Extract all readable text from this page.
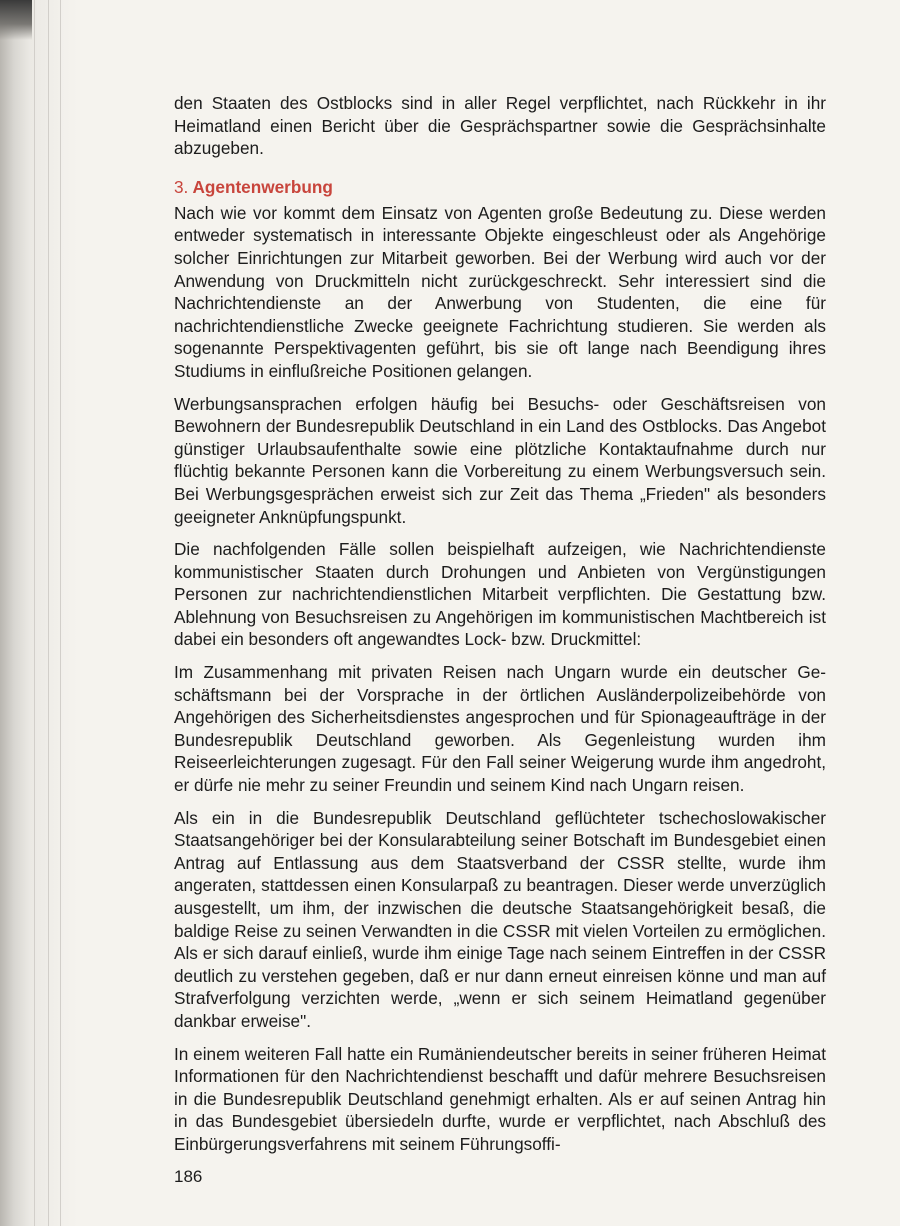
den Staaten des Ostblocks sind in aller Regel verpflichtet, nach Rückkehr in ihr Heimatland einen Bericht über die Gesprächspartner sowie die Gesprächsinhalte abzugeben.

3. Agentenwerbung

Nach wie vor kommt dem Einsatz von Agenten große Bedeutung zu. Diese werden entweder systematisch in interessante Objekte eingeschleust oder als Angehörige solcher Einrichtungen zur Mitarbeit geworben. Bei der Werbung wird auch vor der Anwendung von Druckmitteln nicht zurückgeschreckt. Sehr interessiert sind die Nachrichtendienste an der Anwerbung von Studenten, die eine für nachrichtendienstliche Zwecke geeignete Fachrichtung studieren. Sie werden als sogenannte Perspektivagenten geführt, bis sie oft lange nach Beendigung ihres Studiums in einflußreiche Positionen gelangen.

Werbungsansprachen erfolgen häufig bei Besuchs- oder Geschäftsreisen von Bewohnern der Bundesrepublik Deutschland in ein Land des Ostblocks. Das Angebot günstiger Urlaubsaufenthalte sowie eine plötzliche Kontaktaufnahme durch nur flüchtig bekannte Personen kann die Vorbereitung zu einem Werbungsversuch sein. Bei Werbungsgesprächen erweist sich zur Zeit das Thema „Frieden" als besonders geeigneter Anknüpfungspunkt.

Die nachfolgenden Fälle sollen beispielhaft aufzeigen, wie Nachrichtendienste kommunistischer Staaten durch Drohungen und Anbieten von Vergünstigungen Personen zur nachrichtendienstlichen Mitarbeit verpflichten. Die Gestattung bzw. Ablehnung von Besuchsreisen zu Angehörigen im kommunistischen Machtbereich ist dabei ein besonders oft angewandtes Lock- bzw. Druckmittel:

Im Zusammenhang mit privaten Reisen nach Ungarn wurde ein deutscher Geschäftsmann bei der Vorsprache in der örtlichen Ausländerpolizeibehörde von Angehörigen des Sicherheitsdienstes angesprochen und für Spionageaufträge in der Bundesrepublik Deutschland geworben. Als Gegenleistung wurden ihm Reiseerleichterungen zugesagt. Für den Fall seiner Weigerung wurde ihm angedroht, er dürfe nie mehr zu seiner Freundin und seinem Kind nach Ungarn reisen.

Als ein in die Bundesrepublik Deutschland geflüchteter tschechoslowakischer Staatsangehöriger bei der Konsularabteilung seiner Botschaft im Bundesgebiet einen Antrag auf Entlassung aus dem Staatsverband der CSSR stellte, wurde ihm angeraten, stattdessen einen Konsularpaß zu beantragen. Dieser werde unverzüglich ausgestellt, um ihm, der inzwischen die deutsche Staatsangehörigkeit besaß, die baldige Reise zu seinen Verwandten in die CSSR mit vielen Vorteilen zu ermöglichen. Als er sich darauf einließ, wurde ihm einige Tage nach seinem Eintreffen in der CSSR deutlich zu verstehen gegeben, daß er nur dann erneut einreisen könne und man auf Strafverfolgung verzichten werde, „wenn er sich seinem Heimatland gegenüber dankbar erweise".

In einem weiteren Fall hatte ein Rumäniendeutscher bereits in seiner früheren Heimat Informationen für den Nachrichtendienst beschafft und dafür mehrere Besuchsreisen in die Bundesrepublik Deutschland genehmigt erhalten. Als er auf seinen Antrag hin in das Bundesgebiet übersiedeln durfte, wurde er verpflichtet, nach Abschluß des Einbürgerungsverfahrens mit seinem Führungsoffi-

186
